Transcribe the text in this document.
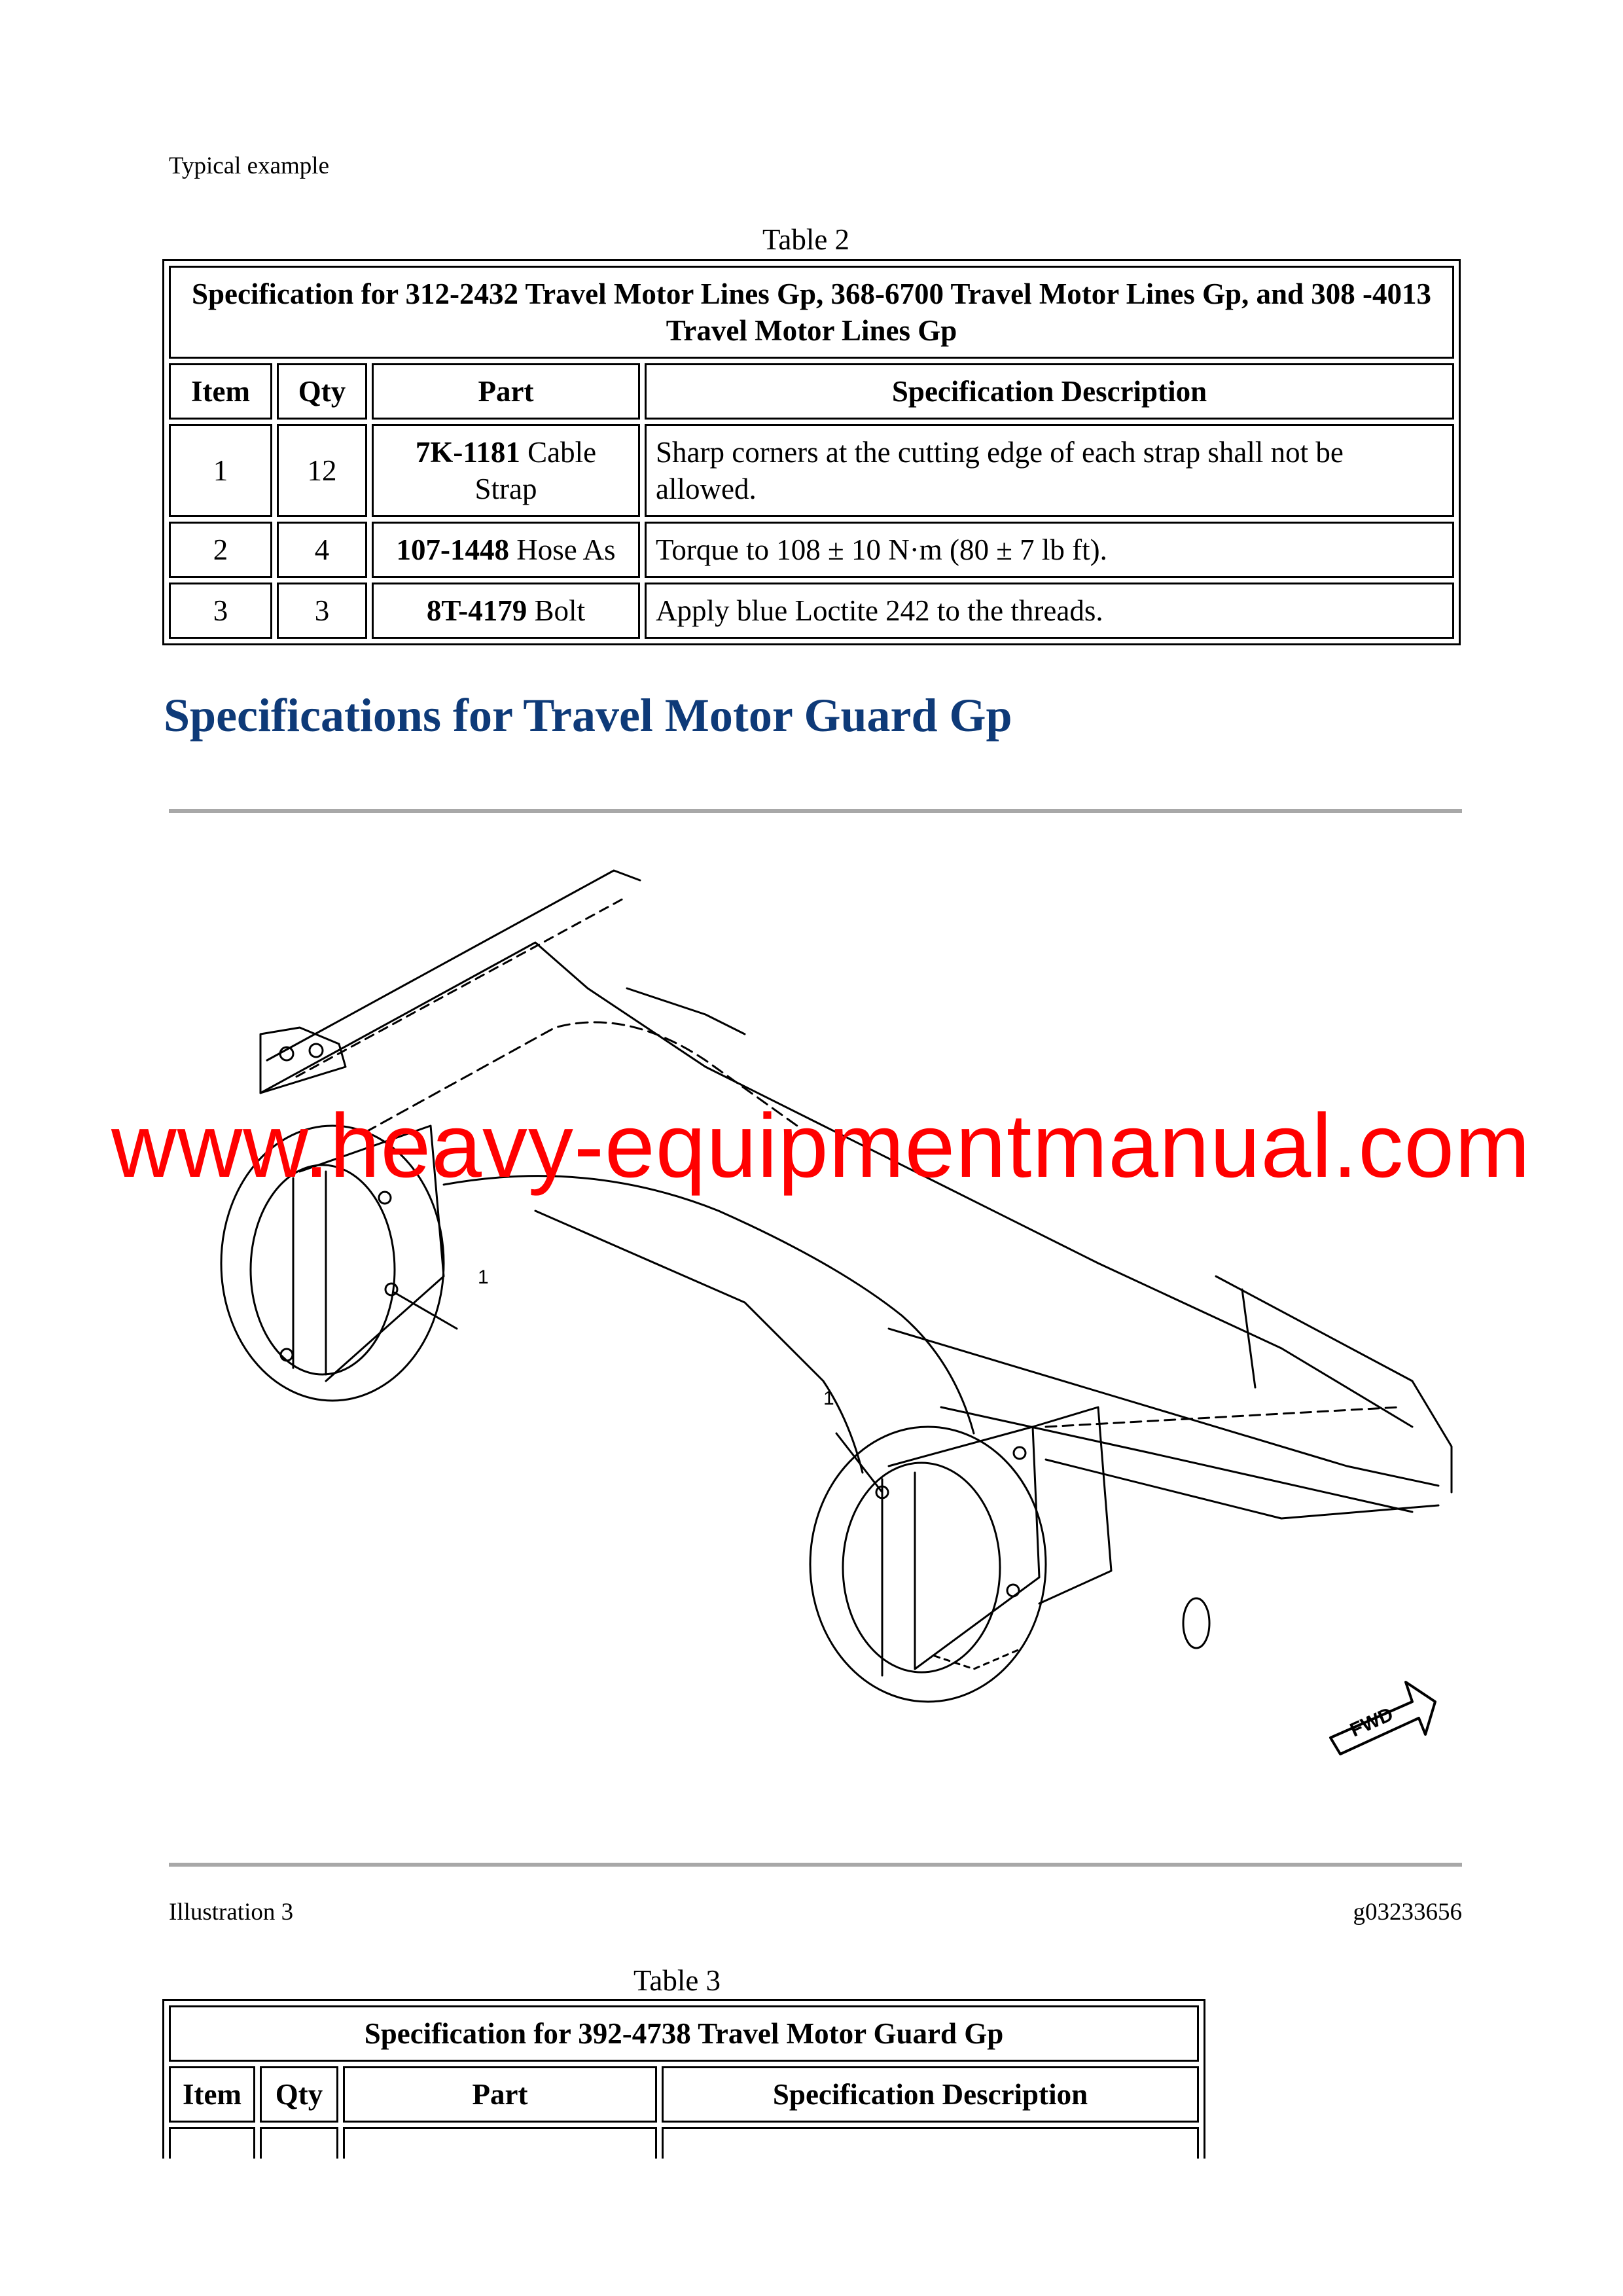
Typical example
Table 2
Specification for 312-2432 Travel Motor Lines Gp, 368-6700 Travel Motor Lines Gp, and 308 -4013 Travel Motor Lines Gp			
Item	Qty	Part	Specification Description
1	12	7K-1181 Cable Strap	Sharp corners at the cutting edge of each strap shall not be allowed.
2	4	107-1448 Hose As	Torque to 108 ± 10 N·m (80 ± 7 lb ft).
3	3	8T-4179 Bolt	Apply blue Loctite 242 to the threads.
Specifications for Travel Motor Guard Gp
1
1
FWD
www.heavy-equipmentmanual.com
Illustration 3	g03233656
Table 3
Specification for 392-4738 Travel Motor Guard Gp			
Item	Qty	Part	Specification Description
